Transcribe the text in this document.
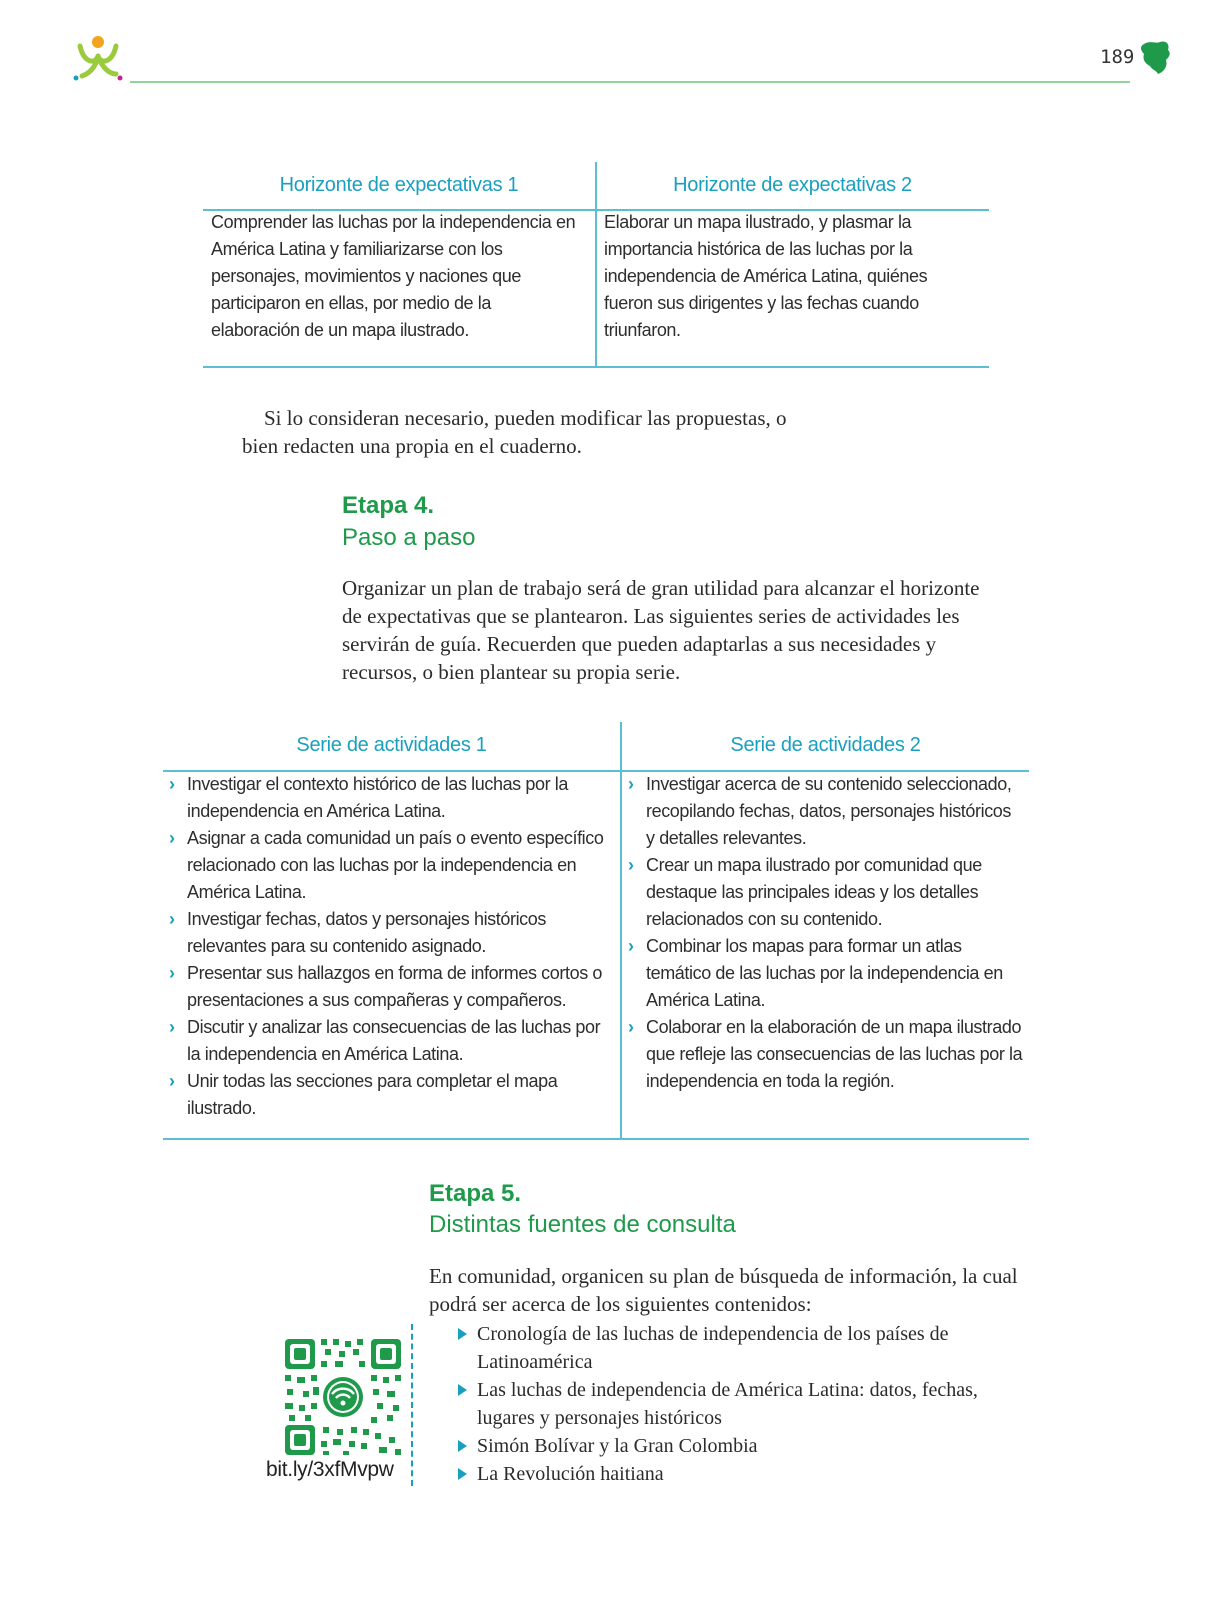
189
Horizonte de expectativas 1
Comprender las luchas por la independencia en América Latina y familiarizarse con los personajes, movimientos y naciones que participaron en ellas, por medio de la elaboración de un mapa ilustrado.
Horizonte de expectativas 2
Elaborar un mapa ilustrado, y plasmar la importancia histórica de las luchas por la independencia de América Latina, quiénes fueron sus dirigentes y las fechas cuando triunfaron.
Si lo consideran necesario, pueden modificar las propuestas, o bien redacten una propia en el cuaderno.
Etapa 4.
Paso a paso
Organizar un plan de trabajo será de gran utilidad para alcanzar el horizonte de expectativas que se plantearon. Las siguientes series de actividades les servirán de guía. Recuerden que pueden adaptarlas a sus necesidades y recursos, o bien plantear su propia serie.
Serie de actividades 1
› Investigar el contexto histórico de las luchas por la independencia en América Latina.
› Asignar a cada comunidad un país o evento específico relacionado con las luchas por la independencia en América Latina.
› Investigar fechas, datos y personajes históricos relevantes para su contenido asignado.
› Presentar sus hallazgos en forma de informes cortos o presentaciones a sus compañeras y compañeros.
› Discutir y analizar las consecuencias de las luchas por la independencia en América Latina.
› Unir todas las secciones para completar el mapa ilustrado.
Serie de actividades 2
› Investigar acerca de su contenido seleccionado, recopilando fechas, datos, personajes históricos y detalles relevantes.
› Crear un mapa ilustrado por comunidad que destaque las principales ideas y los detalles relacionados con su contenido.
› Combinar los mapas para formar un atlas temático de las luchas por la independencia en América Latina.
› Colaborar en la elaboración de un mapa ilustrado que refleje las consecuencias de las luchas por la independencia en toda la región.
Etapa 5.
Distintas fuentes de consulta
En comunidad, organicen su plan de búsqueda de información, la cual podrá ser acerca de los siguientes contenidos:
Cronología de las luchas de independencia de los países de Latinoamérica
Las luchas de independencia de América Latina: datos, fechas, lugares y personajes históricos
Simón Bolívar y la Gran Colombia
La Revolución haitiana
bit.ly/3xfMvpw
